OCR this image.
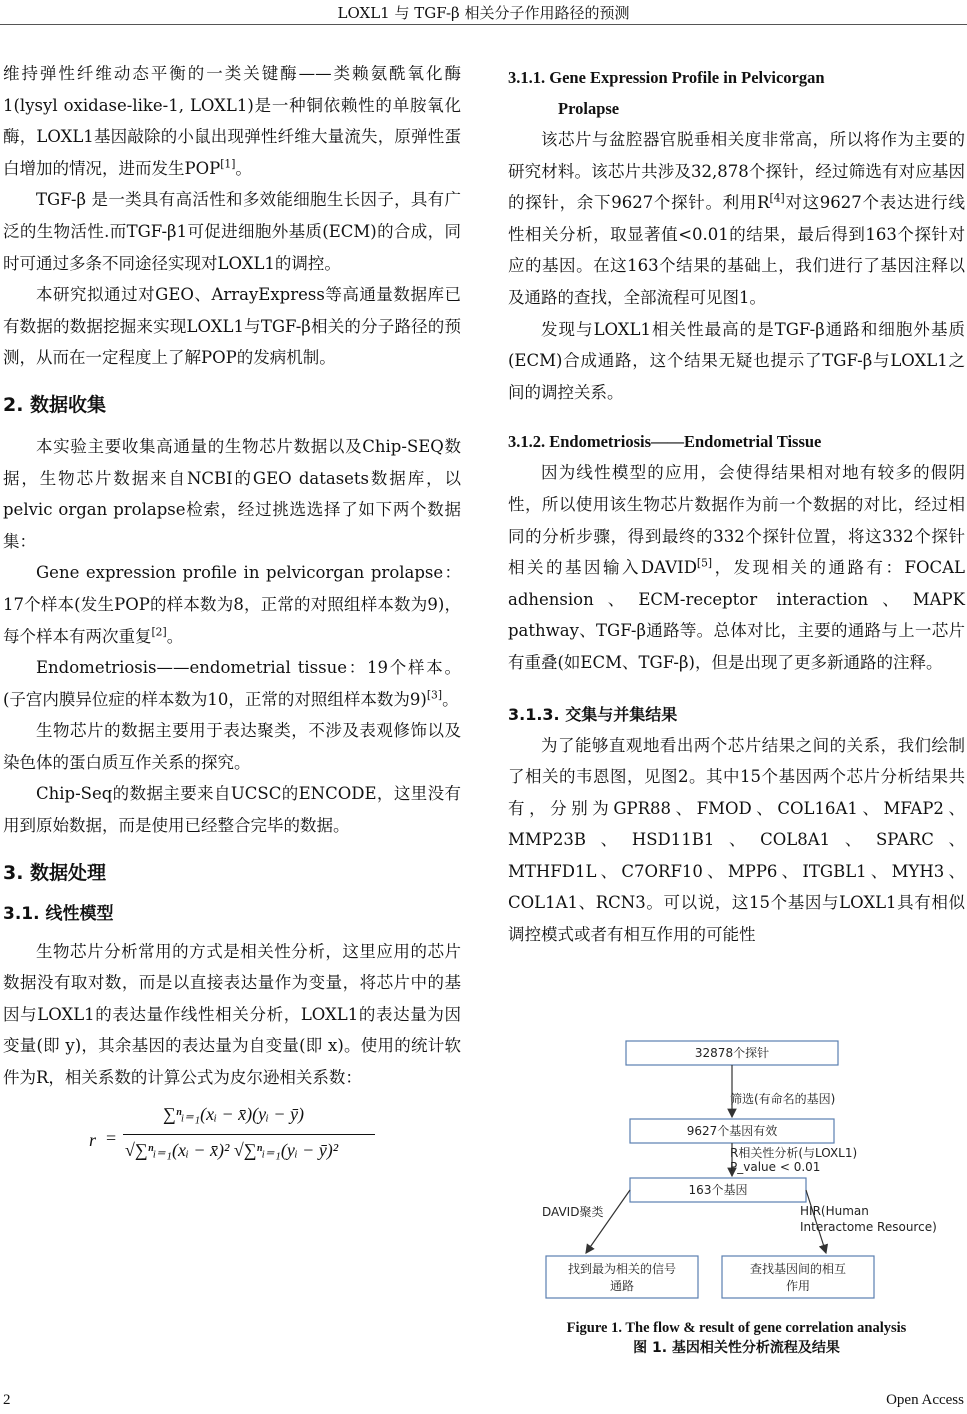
LOXL1 与 TGF-β 相关分子作用路径的预测

维持弹性纤维动态平衡的一类关键酶——类赖氨酰氧化酶1(lysyl oxidase-like-1, LOXL1)是一种铜依赖性的单胺氧化酶，LOXL1基因敲除的小鼠出现弹性纤维大量流失，原弹性蛋白增加的情况，进而发生POP[1]。

TGF-β 是一类具有高活性和多效能细胞生长因子，具有广泛的生物活性.而TGF-β1可促进细胞外基质(ECM)的合成，同时可通过多条不同途径实现对LOXL1的调控。

本研究拟通过对GEO、ArrayExpress等高通量数据库已有数据的数据挖掘来实现LOXL1与TGF-β相关的分子路径的预测，从而在一定程度上了解POP的发病机制。

2. 数据收集

本实验主要收集高通量的生物芯片数据以及Chip-SEQ数据，生物芯片数据来自NCBI的GEO datasets数据库，以pelvic organ prolapse检索，经过挑选选择了如下两个数据集：

Gene expression profile in pelvicorgan prolapse：17个样本(发生POP的样本数为8，正常的对照组样本数为9)，每个样本有两次重复[2]。

Endometriosis——endometrial tissue：19个样本。(子宫内膜异位症的样本数为10，正常的对照组样本数为9)[3]。

生物芯片的数据主要用于表达聚类，不涉及表观修饰以及染色体的蛋白质互作关系的探究。

Chip-Seq的数据主要来自UCSC的ENCODE，这里没有用到原始数据，而是使用已经整合完毕的数据。

3. 数据处理
3.1. 线性模型

生物芯片分析常用的方式是相关性分析，这里应用的芯片数据没有取对数，而是以直接表达量作为变量，将芯片中的基因与LOXL1的表达量作线性相关分析，LOXL1的表达量为因变量(即 y)，其余基因的表达量为自变量(即 x)。使用的统计软件为R，相关系数的计算公式为皮尔逊相关系数：

r =
∑ⁿᵢ₌₁(xᵢ − x̄)(yᵢ − ȳ)
√∑ⁿᵢ₌₁(xᵢ − x̄)² √∑ⁿᵢ₌₁(yᵢ − ȳ)²
3.1.1. Gene Expression Profile in Pelvicorgan
Prolapse

该芯片与盆腔器官脱垂相关度非常高，所以将作为主要的研究材料。该芯片共涉及32,878个探针，经过筛选有对应基因的探针，余下9627个探针。利用R[4]对这9627个表达进行线性相关分析，取显著值<0.01的结果，最后得到163个探针对应的基因。在这163个结果的基础上，我们进行了基因注释以及通路的查找，全部流程可见图1。

发现与LOXL1相关性最高的是TGF-β通路和细胞外基质(ECM)合成通路，这个结果无疑也提示了TGF-β与LOXL1之间的调控关系。

3.1.2. Endometriosis——Endometrial Tissue

因为线性模型的应用，会使得结果相对地有较多的假阴性，所以使用该生物芯片数据作为前一个数据的对比，经过相同的分析步骤，得到最终的332个探针位置，将这332个探针相关的基因输入DAVID[5]，发现相关的通路有：FOCAL adhension、ECM-receptor interaction、MAPK pathway、TGF-β通路等。总体对比，主要的通路与上一芯片有重叠(如ECM、TGF-β)，但是出现了更多新通路的注释。

3.1.3. 交集与并集结果

为了能够直观地看出两个芯片结果之间的关系，我们绘制了相关的韦恩图，见图2。其中15个基因两个芯片分析结果共有，分别为GPR88、FMOD、COL16A1、MFAP2、MMP23B、HSD11B1、COL8A1、SPARC、MTHFD1L、C7ORF10、MPP6、ITGBL1、MYH3、COL1A1、RCN3。可以说，这15个基因与LOXL1具有相似调控模式或者有相互作用的可能性

32878个探针
筛选(有命名的基因)
9627个基因有效
R相关性分析(与LOXL1)
P_value < 0.01
163个基因
DAVID聚类	HIR(Human
Interactome Resource)
找到最为相关的信号
通路
查找基因间的相互
作用
Figure 1. The flow & result of gene correlation analysis
图 1. 基因相关性分析流程及结果
2	Open Access
